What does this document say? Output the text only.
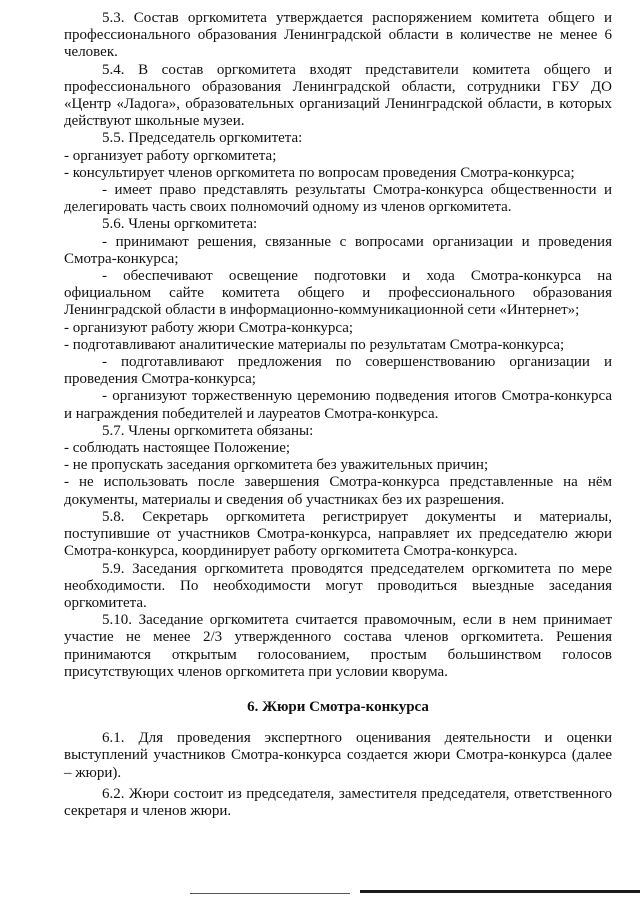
5.3. Состав оргкомитета утверждается распоряжением комитета общего и профессионального образования Ленинградской области в количестве не менее 6 человек.

5.4. В состав оргкомитета входят представители комитета общего и профессионального образования Ленинградской области, сотрудники ГБУ ДО «Центр «Ладога», образовательных организаций Ленинградской области, в которых действуют школьные музеи.

5.5. Председатель оргкомитета:

- организует работу оргкомитета;

- консультирует членов оргкомитета по вопросам проведения Смотра-конкурса;

- имеет право представлять результаты Смотра-конкурса общественности и делегировать часть своих полномочий одному из членов оргкомитета.

5.6. Члены оргкомитета:

- принимают решения, связанные с вопросами организации и проведения Смотра-конкурса;

- обеспечивают освещение подготовки и хода Смотра-конкурса на официальном сайте комитета общего и профессионального образования Ленинградской области в информационно-коммуникационной сети «Интернет»;

- организуют работу жюри Смотра-конкурса;

- подготавливают аналитические материалы по результатам Смотра-конкурса;

- подготавливают предложения по совершенствованию организации и проведения Смотра-конкурса;

- организуют торжественную церемонию подведения итогов Смотра-конкурса и награждения победителей и лауреатов Смотра-конкурса.

5.7. Члены оргкомитета обязаны:

- соблюдать настоящее Положение;

- не пропускать заседания оргкомитета без уважительных причин;

- не использовать после завершения Смотра-конкурса представленные на нём документы, материалы и сведения об участниках без их разрешения.

5.8. Секретарь оргкомитета регистрирует документы и материалы, поступившие от участников Смотра-конкурса, направляет их председателю жюри Смотра-конкурса, координирует работу оргкомитета Смотра-конкурса.

5.9. Заседания оргкомитета проводятся председателем оргкомитета по мере необходимости. По необходимости могут проводиться выездные заседания оргкомитета.

5.10. Заседание оргкомитета считается правомочным, если в нем принимает участие не менее 2/3 утвержденного состава членов оргкомитета. Решения принимаются открытым голосованием, простым большинством голосов присутствующих членов оргкомитета при условии кворума.

6. Жюри Смотра-конкурса

6.1. Для проведения экспертного оценивания деятельности и оценки выступлений участников Смотра-конкурса создается жюри Смотра-конкурса (далее – жюри).

6.2. Жюри состоит из председателя, заместителя председателя, ответственного секретаря и членов жюри.
